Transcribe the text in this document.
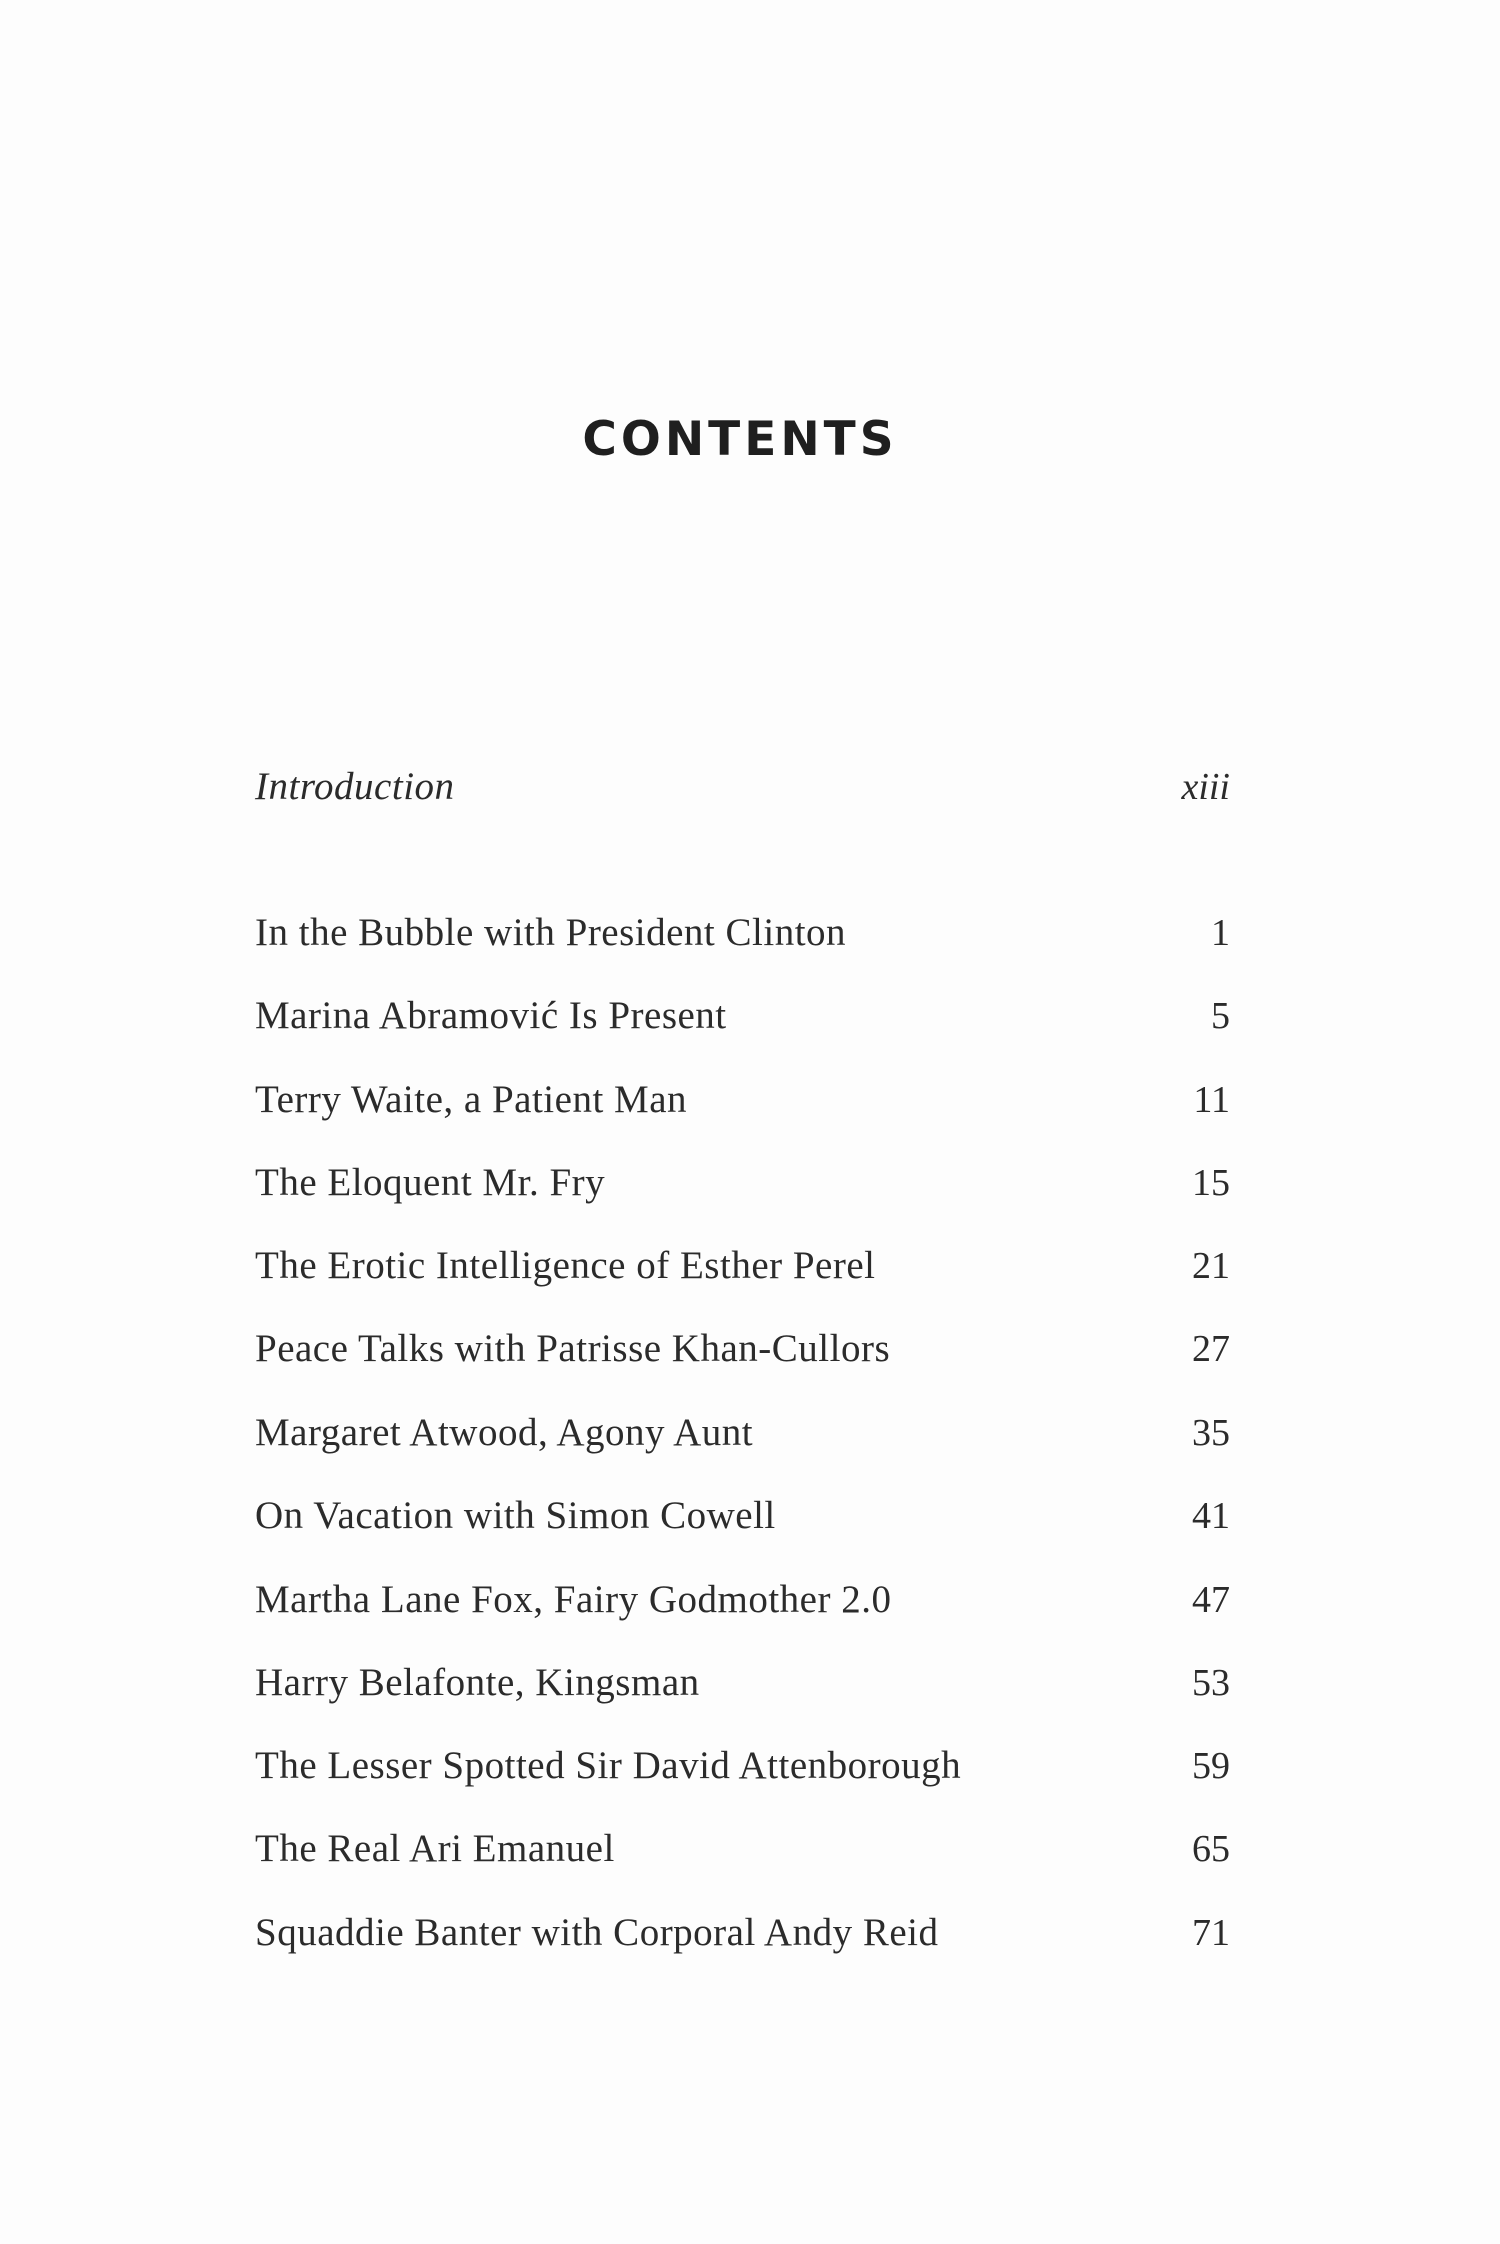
CONTENTS
Introduction	xiii
In the Bubble with President Clinton	1
Marina Abramović Is Present	5
Terry Waite, a Patient Man	11
The Eloquent Mr. Fry	15
The Erotic Intelligence of Esther Perel	21
Peace Talks with Patrisse Khan-Cullors	27
Margaret Atwood, Agony Aunt	35
On Vacation with Simon Cowell	41
Martha Lane Fox, Fairy Godmother 2.0	47
Harry Belafonte, Kingsman	53
The Lesser Spotted Sir David Attenborough	59
The Real Ari Emanuel	65
Squaddie Banter with Corporal Andy Reid	71
